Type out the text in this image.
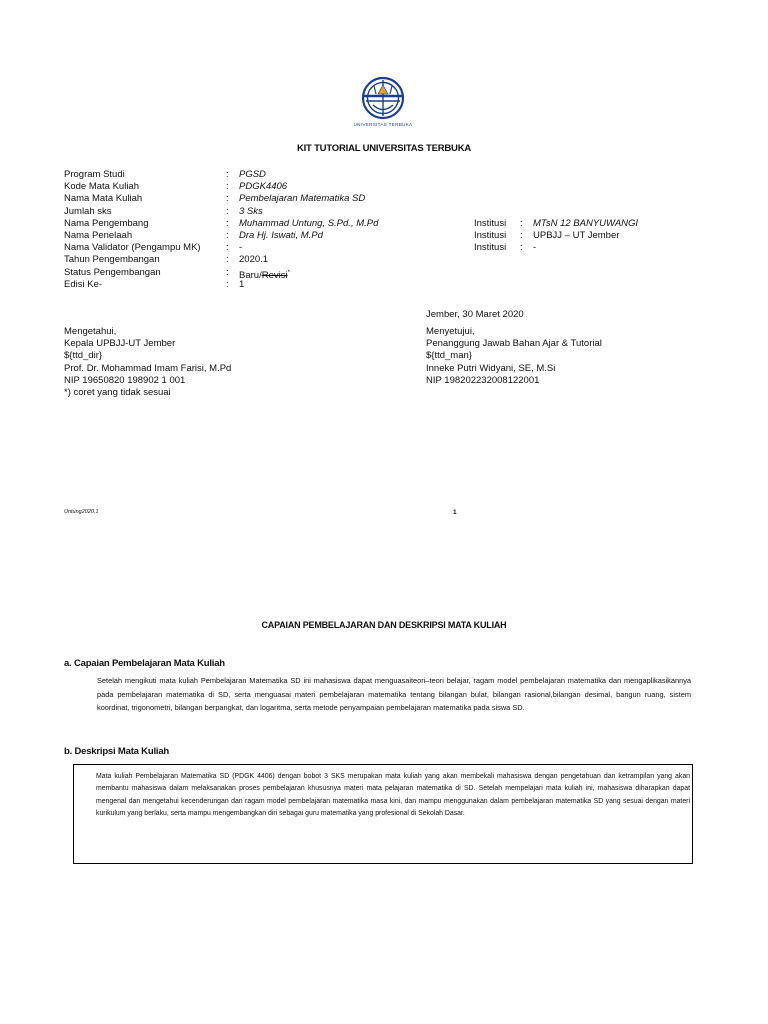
UNIVERSITAS TERBUKA
KIT TUTORIAL UNIVERSITAS TERBUKA
Program Studi	: PGSD
Kode Mata Kuliah	: PDGK4406
Nama Mata Kuliah	: Pembelajaran Matematika SD
Jumlah sks	: 3 Sks
Nama Pengembang	: Muhammad Untung, S.Pd., M.Pd	Institusi : MTsN 12 BANYUWANGI
Nama Penelaah	: Dra Hj. Iswati, M.Pd	Institusi : UPBJJ – UT Jember
Nama Validator (Pengampu MK)	: -	Institusi : -
Tahun Pengembangan	: 2020.1
Status Pengembangan	: Baru/Revisi*
Edisi Ke-	: 1
Jember, 30 Maret 2020
Mengetahui,
Kepala UPBJJ-UT Jember
${ttd_dir}
Prof. Dr. Mohammad Imam Farisi, M.Pd
NIP 19650820 198902 1 001
*) coret yang tidak sesuai
Menyetujui,
Penanggung Jawab Bahan Ajar & Tutorial
${ttd_man}
Inneke Putri Widyani, SE, M.Si
NIP 198202232008122001
Untung2020.1	1
CAPAIAN PEMBELAJARAN DAN DESKRIPSI MATA KULIAH
a. Capaian Pembelajaran Mata Kuliah
Setelah mengikuti mata kuliah Pembelajaran Matematika SD ini mahasiswa dapat menguasaiteori–teori belajar, ragam model pembelajaran matematika dan mengaplikasikannya pada pembelajaran matematika di SD, serta menguasai materi pembelajaran matematika tentang bilangan bulat, bilangan rasional,bilangan desimal, bangun ruang, sistem koordinat, trigonometri, bilangan berpangkat, dan logaritma, serta metode penyampaian pembelajaran matematika pada siswa SD.
b. Deskripsi Mata Kuliah
Mata kuliah Pembelajaran Matematika SD (PDGK 4406) dengan bobot 3 SKS merupakan mata kuliah yang akan membekali mahasiswa dengan pengetahuan dan ketrampilan yang akan membantu mahasiswa dalam melaksanakan proses pembelajaran khususnya materi mata pelajaran matematika di SD. Setelah mempelajari mata kuliah ini, mahasiswa diharapkan dapat mengenal dan mengetahui kecenderungan dan ragam model pembelajaran matematika masa kini, dan mampu menggunakan dalam pembelajaran matematika SD yang sesuai dengan materi kurikulum yang berlaku, serta mampu mengembangkan diri sebagai guru matematika yang profesional di Sekolah Dasar.
